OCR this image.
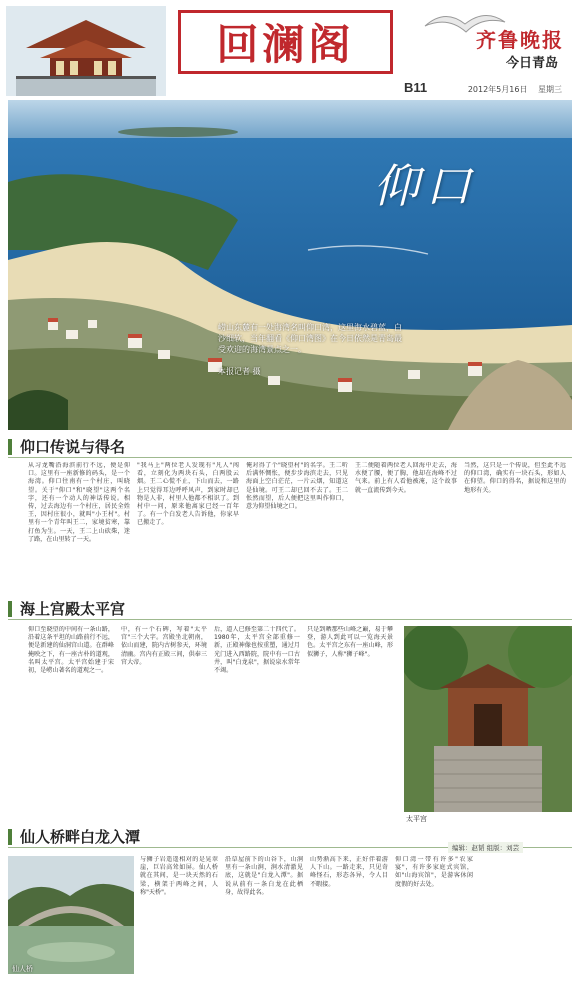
回澜阁
B11
齐鲁晚报
今日青岛
2012年5月16日 星期三
仰口
崂山东麓有一处海湾名叫仰口湾，这里海水碧蓝，白沙细软，当年翻看《仰口湾图》在今日依然是青岛最受欢迎的海湾景点之一。
本报记者 摄
仰口传说与得名
从习龙嘴沿海滨前行不远，便是仰口。这里有一座新修的码头，是一个海湾。仰口往南有一个村庄，叫晓望。关于"仰口"和"晓望"这两个名字，还有一个动人的神话传说。相传，过去海边有一个村庄，居民全姓王，因村庄很小，就叫"小王村"。村里有一个青年叫王二，家境贫寒，靠打鱼为生。一天，王二上山砍柴，迷了路，在山里转了一天。
"我马上"两位老人发现有"凡人"闯看，立刻化为两块石头，白两股云烟。王二心慌不止，下山而去，一路上只觉得耳边呼呼风声，到家时却已物是人非，村里人他都不相识了。到村中一问，原来他离家已经一百年了。有一个白发老人告诉他，你家早已搬走了。
俺对得了个"晓望村"的名字。王二听后满怀惆怅，便步步海滨走去，只见海面上空白茫茫，一片云烟，知道这是仙境。可王二却已回不去了。王二怅然而望，后人便把这里叫作仰口，意为仰望仙境之口。
王二便随着两位老人回海中走去，海水便了腰，便了胸，他却在海峰不过气来。前上有人看他被淹，这个故事就一直流传到今天。
当然，这只是一个传说，但至此不远的仰口湾，确实有一块石头，形如人在仰望。仰口的得名，据说和这里的地形有关。
海上宫殿太平宫
仰口至晓望的中间有一条山路，沿着这条平坦的山路前行不远，便是新建的仙洞宫山道。在群峰掩映之下，有一座古朴的道观，名叫太平宫。太平宫始建于宋初，是崂山著名的道观之一。
中，有一个石碑，写着"太平宫"三个大字。宫殿坐北朝南，依山而建，院内古树参天，环境清幽。宫内有正殿三间，供奉三官大帝。
后，道人已修至第二十四代了。1980年，太平宫全部重修一新，正殿神像也按重塑，通过月光门进入西路院，院中有一口古井，叫"白龙泉"，据说泉水常年不竭。
只是到晒那些山峰之巅，易于攀登，游人到此可以一览海天景色。太平宫之东有一座山峰，形似狮子，人称"狮子峰"。
太平宫
仙人桥畔白龙入潭
编辑：赵韬 组版：刘芸
仙人桥
与狮子岩遥遥相对的是晃翠崖，巨岩高耸如屏。仙人桥就在其间，是一块天然的石梁，横架于两峰之间，人称"天桥"。
沿草屋前下的山谷下，山涧里有一条山涧，涧水清澈见底，这就是"白龙入潭"。据说从前有一条白龙在此栖身，故得此名。
山势渐高下来，正好伴着游人下山。一路走来，只见奇峰怪石，形态各异，令人目不暇接。
仰口湾一带有许多"农家宴"，有许多家庭式宾馆，如"山海宾馆"，是游客休闲度假的好去处。
